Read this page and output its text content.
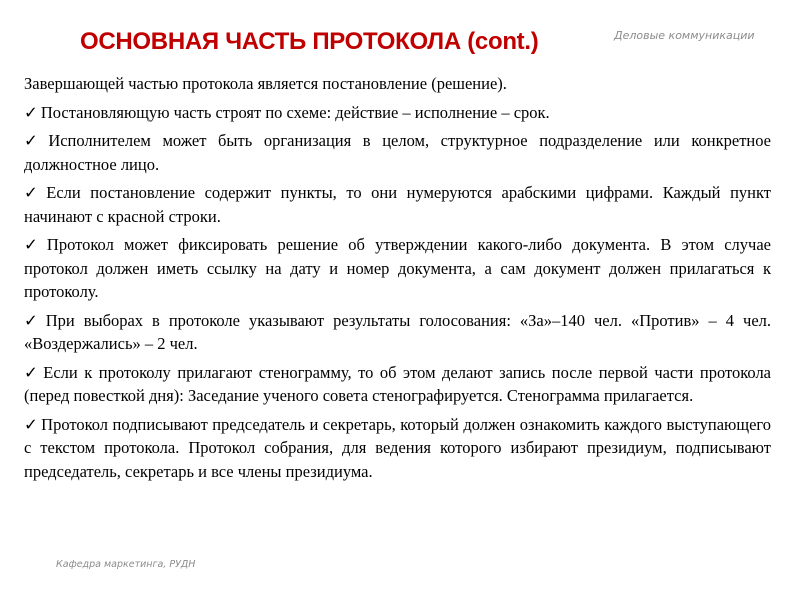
ОСНОВНАЯ ЧАСТЬ ПРОТОКОЛА (cont.)	Деловые коммуникации

Завершающей частью протокола является постановление (решение).

✓ Постановляющую часть строят по схеме: действие – исполнение – срок.

✓ Исполнителем может быть организация в целом, структурное подразделение или конкретное должностное лицо.

✓ Если постановление содержит пункты, то они нумеруются арабскими цифрами. Каждый пункт начинают с красной строки.

✓ Протокол может фиксировать решение об утверждении какого-либо документа. В этом случае протокол должен иметь ссылку на дату и номер документа, а сам документ должен прилагаться к протоколу.

✓ При выборах в протоколе указывают результаты голосования: «За»–140 чел. «Против» – 4 чел. «Воздержались» – 2 чел.

✓ Если к протоколу прилагают стенограмму, то об этом делают запись после первой части протокола (перед повесткой дня): Заседание ученого совета стенографируется. Стенограмма прилагается.

✓ Протокол подписывают председатель и секретарь, который должен ознакомить каждого выступающего с текстом протокола. Протокол собрания, для ведения которого избирают президиум, подписывают председатель, секретарь и все члены президиума.

Кафедра маркетинга, РУДН
